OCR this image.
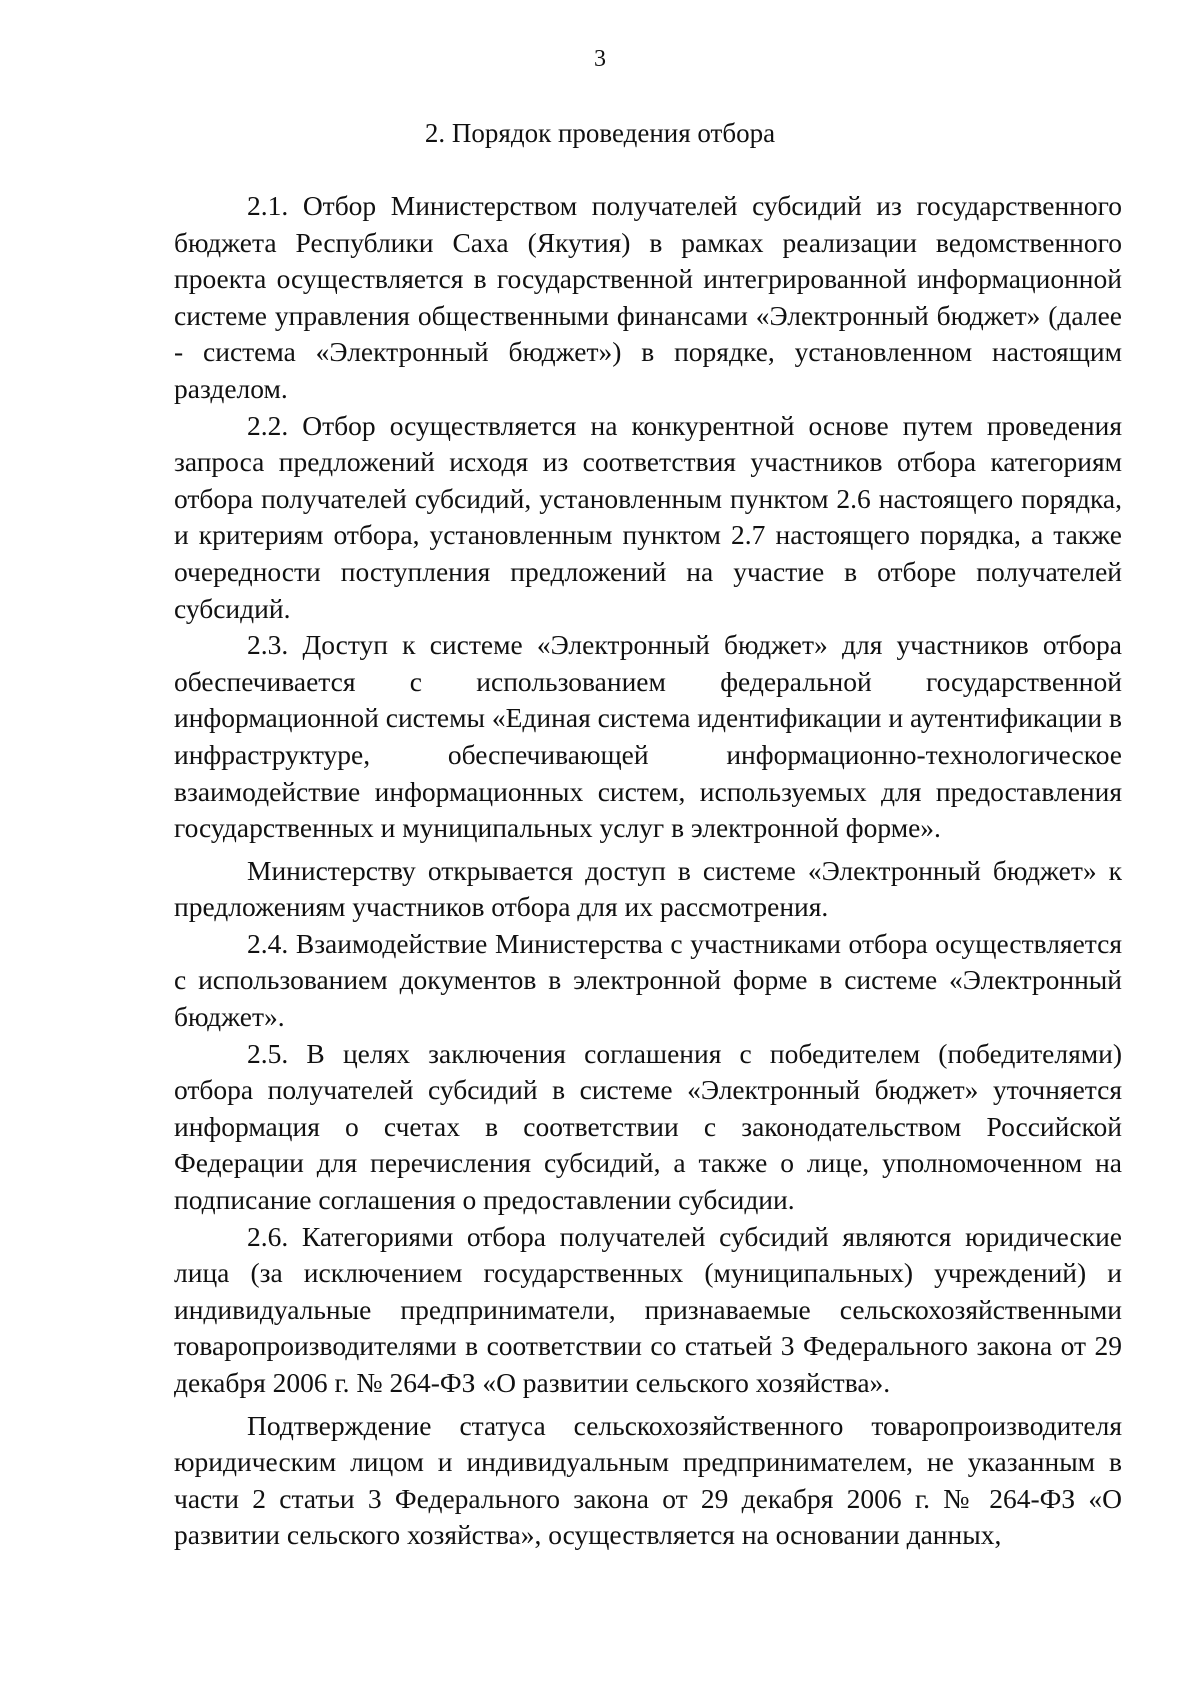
3
2. Порядок проведения отбора

2.1. Отбор Министерством получателей субсидий из государственного бюджета Республики Саха (Якутия) в рамках реализации ведомственного проекта осуществляется в государственной интегрированной информационной системе управления общественными финансами «Электронный бюджет» (далее - система «Электронный бюджет») в порядке, установленном настоящим разделом.

2.2. Отбор осуществляется на конкурентной основе путем проведения запроса предложений исходя из соответствия участников отбора категориям отбора получателей субсидий, установленным пунктом 2.6 настоящего порядка, и критериям отбора, установленным пунктом 2.7 настоящего порядка, а также очередности поступления предложений на участие в отборе получателей субсидий.

2.3. Доступ к системе «Электронный бюджет» для участников отбора обеспечивается с использованием федеральной государственной информационной системы «Единая система идентификации и аутентификации в инфраструктуре, обеспечивающей информационно-технологическое взаимодействие информационных систем, используемых для предоставления государственных и муниципальных услуг в электронной форме».

Министерству открывается доступ в системе «Электронный бюджет» к предложениям участников отбора для их рассмотрения.

2.4. Взаимодействие Министерства с участниками отбора осуществляется с использованием документов в электронной форме в системе «Электронный бюджет».

2.5. В целях заключения соглашения с победителем (победителями) отбора получателей субсидий в системе «Электронный бюджет» уточняется информация о счетах в соответствии с законодательством Российской Федерации для перечисления субсидий, а также о лице, уполномоченном на подписание соглашения о предоставлении субсидии.

2.6. Категориями отбора получателей субсидий являются юридические лица (за исключением государственных (муниципальных) учреждений) и индивидуальные предприниматели, признаваемые сельскохозяйственными товаропроизводителями в соответствии со статьей 3 Федерального закона от 29 декабря 2006 г. № 264-ФЗ «О развитии сельского хозяйства».

Подтверждение статуса сельскохозяйственного товаропроизводителя юридическим лицом и индивидуальным предпринимателем, не указанным в части 2 статьи 3 Федерального закона от 29 декабря 2006 г. № 264-ФЗ «О развитии сельского хозяйства», осуществляется на основании данных,
